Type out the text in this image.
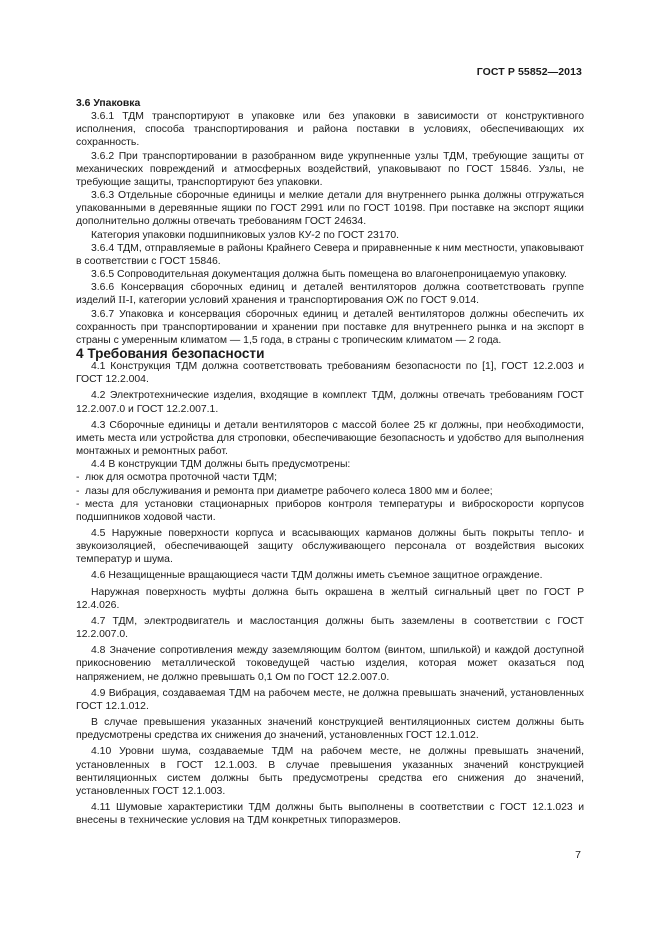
ГОСТ Р 55852—2013

3.6 Упаковка

3.6.1 ТДМ транспортируют в упаковке или без упаковки в зависимости от конструктивного исполнения, способа транспортирования и района поставки в условиях, обеспечивающих их сохранность.

3.6.2 При транспортировании в разобранном виде укрупненные узлы ТДМ, требующие защиты от механических повреждений и атмосферных воздействий, упаковывают по ГОСТ 15846. Узлы, не требующие защиты, транспортируют без упаковки.

3.6.3 Отдельные сборочные единицы и мелкие детали для внутреннего рынка должны отгружаться упакованными в деревянные ящики по ГОСТ 2991 или по ГОСТ 10198. При поставке на экспорт ящики дополнительно должны отвечать требованиям ГОСТ 24634.

Категория упаковки подшипниковых узлов КУ-2 по ГОСТ 23170.

3.6.4 ТДМ, отправляемые в районы Крайнего Севера и приравненные к ним местности, упаковывают в соответствии с ГОСТ 15846.

3.6.5 Сопроводительная документация должна быть помещена во влагонепроницаемую упаковку.

3.6.6 Консервация сборочных единиц и деталей вентиляторов должна соответствовать группе изделий II-I, категории условий хранения и транспортирования ОЖ по ГОСТ 9.014.

3.6.7 Упаковка и консервация сборочных единиц и деталей вентиляторов должны обеспечить их сохранность при транспортировании и хранении при поставке для внутреннего рынка и на экспорт в страны с умеренным климатом — 1,5 года, в страны с тропическим климатом — 2 года.

4 Требования безопасности

4.1 Конструкция ТДМ должна соответствовать требованиям безопасности по [1], ГОСТ 12.2.003 и ГОСТ 12.2.004.

4.2 Электротехнические изделия, входящие в комплект ТДМ, должны отвечать требованиям ГОСТ 12.2.007.0 и ГОСТ 12.2.007.1.

4.3 Сборочные единицы и детали вентиляторов с массой более 25 кг должны, при необходимости, иметь места или устройства для строповки, обеспечивающие безопасность и удобство для выполнения монтажных и ремонтных работ.

4.4 В конструкции ТДМ должны быть предусмотрены:

- люк для осмотра проточной части ТДМ;

- лазы для обслуживания и ремонта при диаметре рабочего колеса 1800 мм и более;

- места для установки стационарных приборов контроля температуры и виброскорости корпусов подшипников ходовой части.

4.5 Наружные поверхности корпуса и всасывающих карманов должны быть покрыты тепло- и звукоизоляцией, обеспечивающей защиту обслуживающего персонала от воздействия высоких температур и шума.

4.6 Незащищенные вращающиеся части ТДМ должны иметь съемное защитное ограждение.

Наружная поверхность муфты должна быть окрашена в желтый сигнальный цвет по ГОСТ Р 12.4.026.

4.7 ТДМ, электродвигатель и маслостанция должны быть заземлены в соответствии с ГОСТ 12.2.007.0.

4.8 Значение сопротивления между заземляющим болтом (винтом, шпилькой) и каждой доступной прикосновению металлической токоведущей частью изделия, которая может оказаться под напряжением, не должно превышать 0,1 Ом по ГОСТ 12.2.007.0.

4.9 Вибрация, создаваемая ТДМ на рабочем месте, не должна превышать значений, установленных ГОСТ 12.1.012.

В случае превышения указанных значений конструкцией вентиляционных систем должны быть предусмотрены средства их снижения до значений, установленных ГОСТ 12.1.012.

4.10 Уровни шума, создаваемые ТДМ на рабочем месте, не должны превышать значений, установленных в ГОСТ 12.1.003. В случае превышения указанных значений конструкцией вентиляционных систем должны быть предусмотрены средства его снижения до значений, установленных ГОСТ 12.1.003.

4.11 Шумовые характеристики ТДМ должны быть выполнены в соответствии с ГОСТ 12.1.023 и внесены в технические условия на ТДМ конкретных типоразмеров.

7
